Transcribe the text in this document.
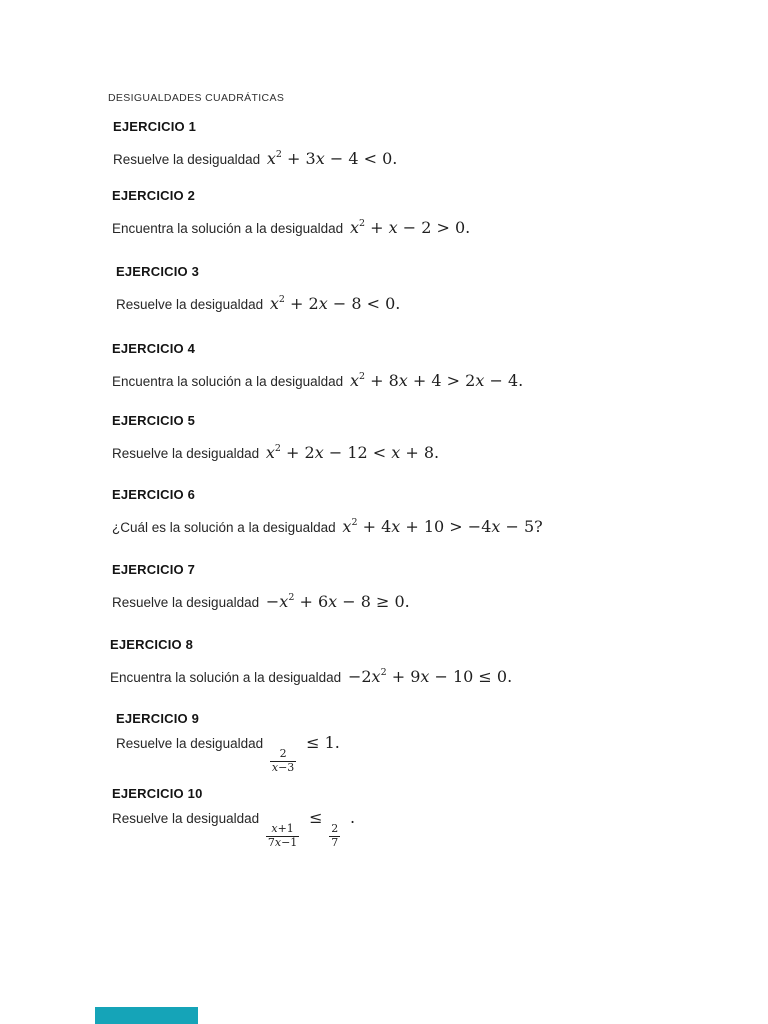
DESIGUALDADES CUADRÁTICAS
EJERCICIO 1

Resuelve la desigualdad $x^2 + 3x - 4 < 0$.

EJERCICIO 2

Encuentra la solución a la desigualdad $x^2 + x - 2 > 0$.

EJERCICIO 3

Resuelve la desigualdad $x^2 + 2x - 8 < 0$.

EJERCICIO 4

Encuentra la solución a la desigualdad $x^2 + 8x + 4 > 2x - 4$.

EJERCICIO 5

Resuelve la desigualdad $x^2 + 2x - 12 < x + 8$.

EJERCICIO 6

¿Cuál es la solución a la desigualdad $x^2 + 4x + 10 > -4x - 5$?

EJERCICIO 7

Resuelve la desigualdad $-x^2 + 6x - 8 \ge 0$.

EJERCICIO 8

Encuentra la solución a la desigualdad $-2x^2 + 9x - 10 \le 0$.

EJERCICIO 9

Resuelve la desigualdad
$\frac{2}{x-3}$
≤ 1.

EJERCICIO 10

Resuelve la desigualdad
$\frac{x+1}{7x-1}$
≤
$\frac{2}{7}$
.
